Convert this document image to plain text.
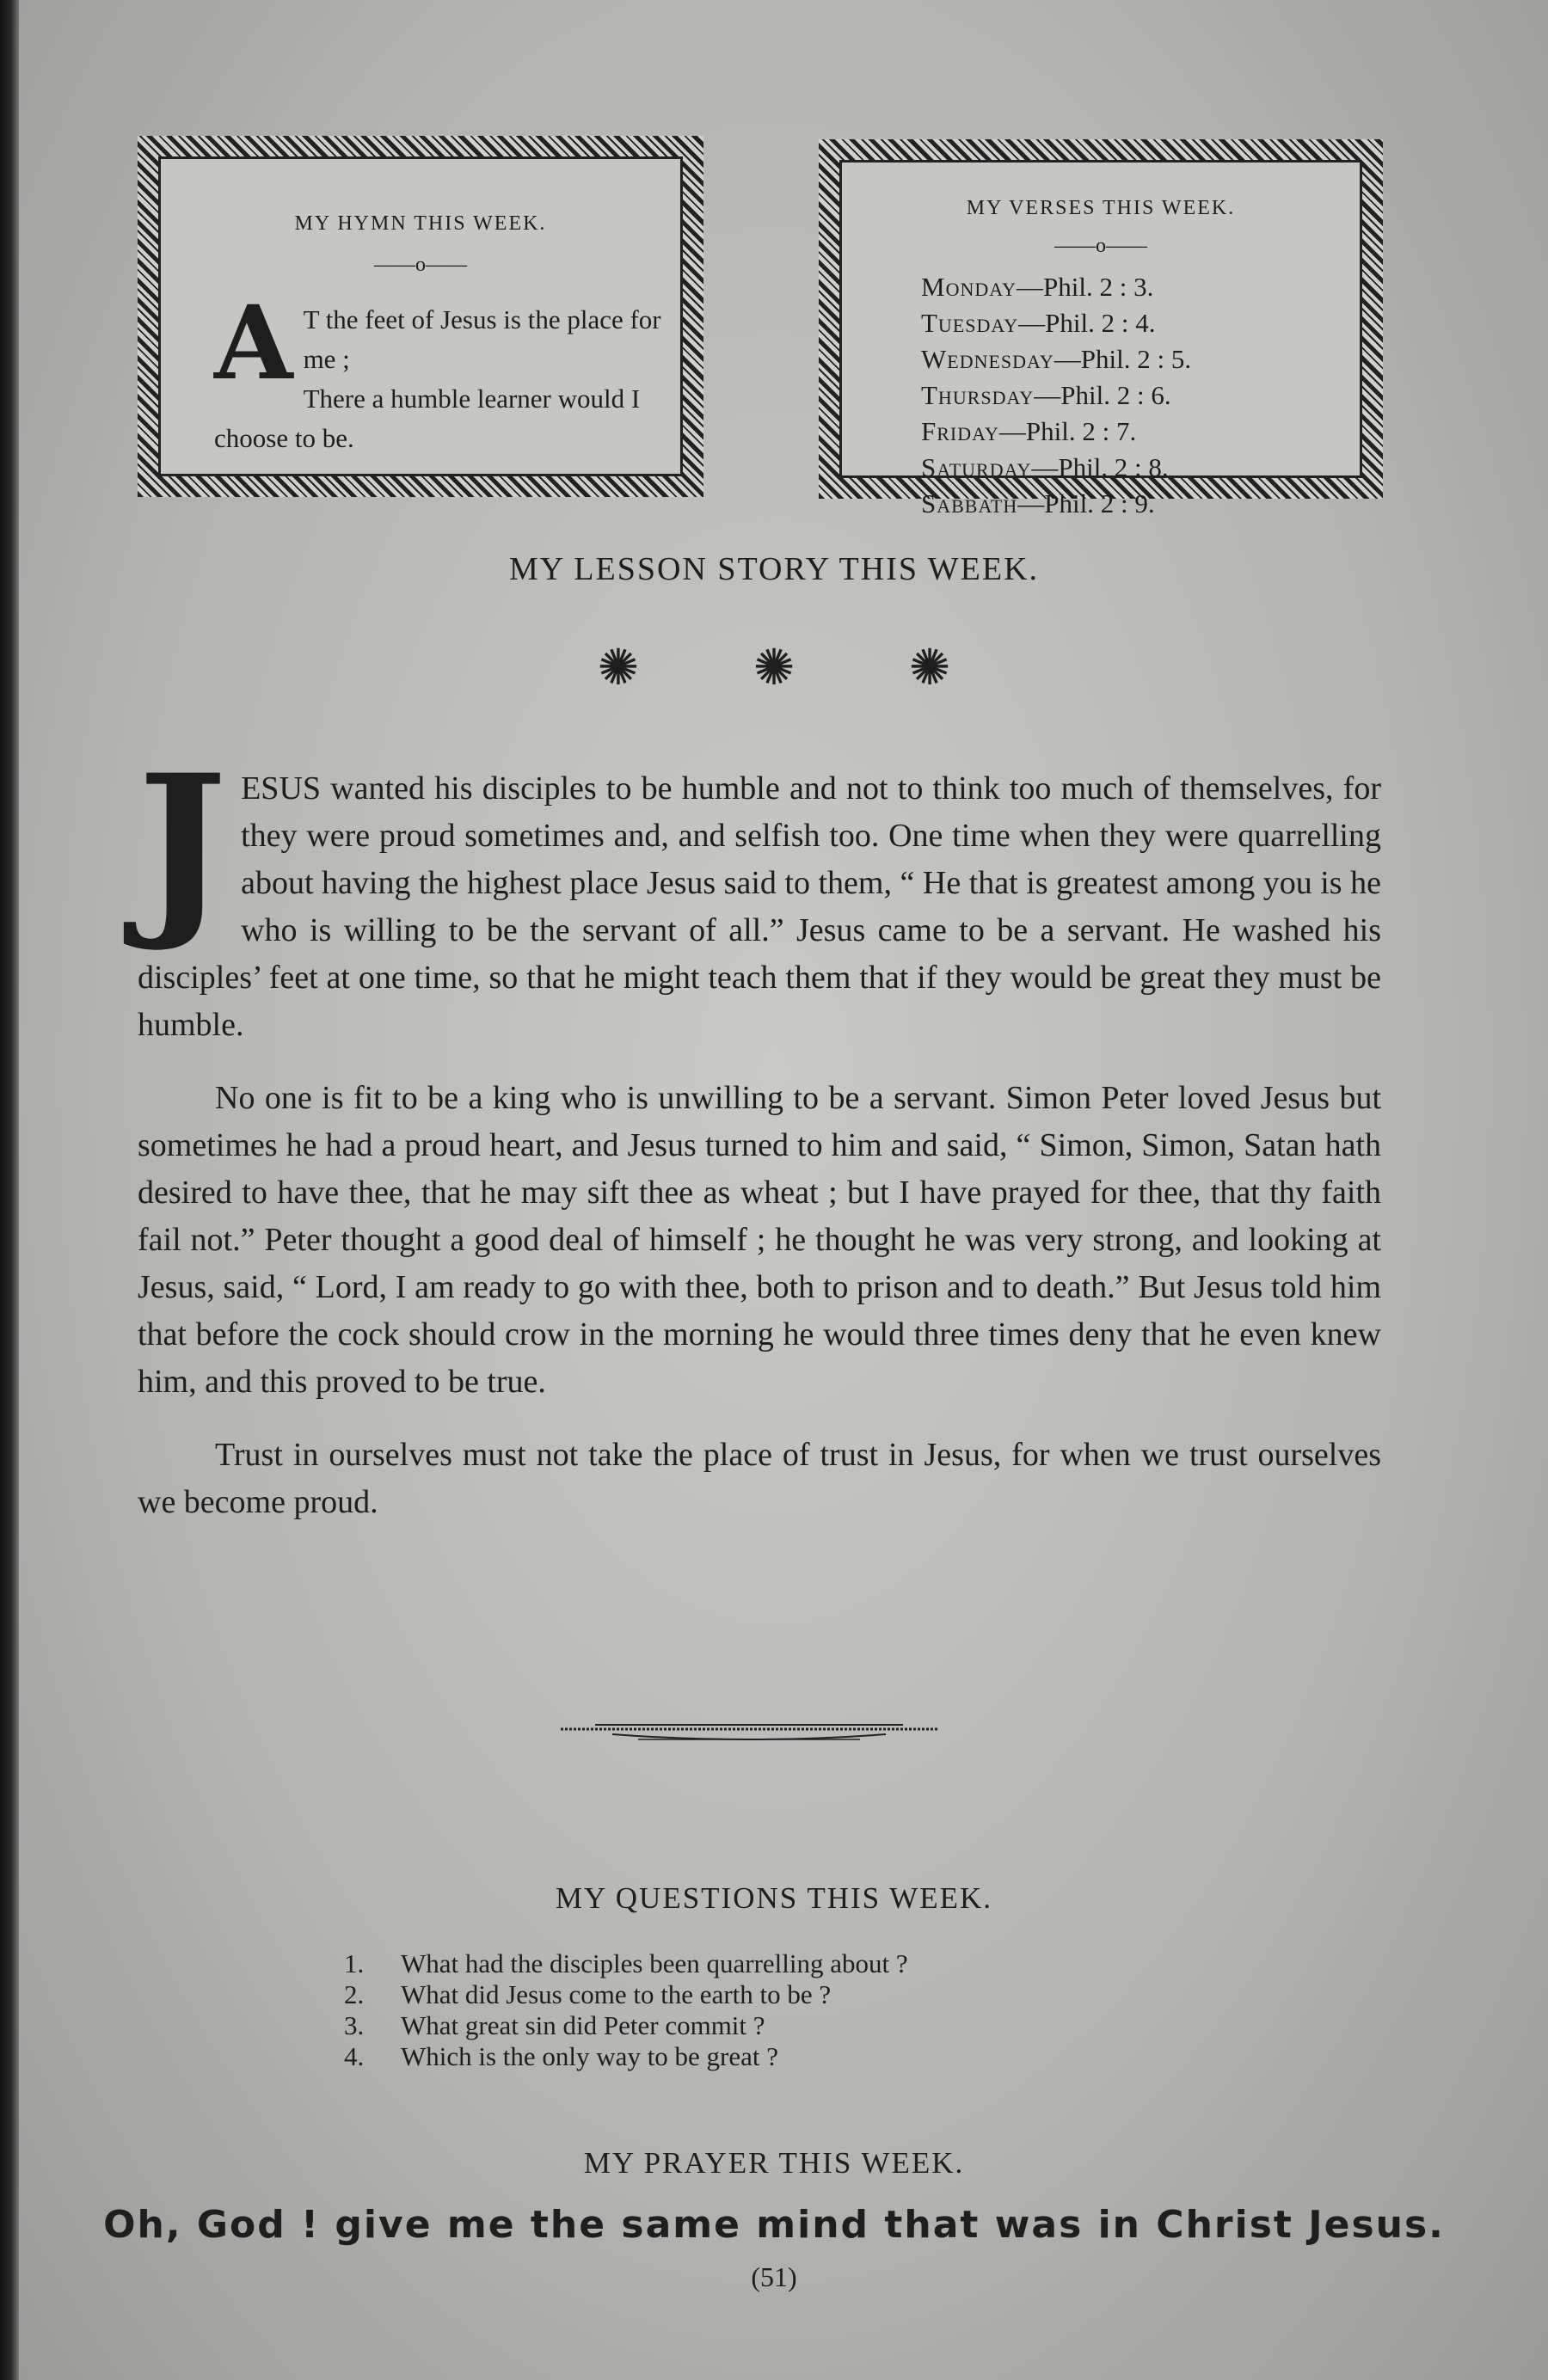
MY HYMN THIS WEEK.
——o——
A T the feet of Jesus is the place for me ;
There a humble learner would I choose to be.
MY VERSES THIS WEEK.
——o——
Monday—Phil. 2 : 3.
Tuesday—Phil. 2 : 4.
Wednesday—Phil. 2 : 5.
Thursday—Phil. 2 : 6.
Friday—Phil. 2 : 7.
Saturday—Phil. 2 : 8.
Sabbath—Phil. 2 : 9.
MY LESSON STORY THIS WEEK.
✺ ✺ ✺

J ESUS wanted his disciples to be humble and not to think too much of themselves, for they were proud sometimes and, and selfish too. One time when they were quarrelling about having the highest place Jesus said to them, “ He that is greatest among you is he who is willing to be the servant of all.” Jesus came to be a servant. He washed his disciples’ feet at one time, so that he might teach them that if they would be great they must be humble.

No one is fit to be a king who is unwilling to be a servant. Simon Peter loved Jesus but sometimes he had a proud heart, and Jesus turned to him and said, “ Simon, Simon, Satan hath desired to have thee, that he may sift thee as wheat ; but I have prayed for thee, that thy faith fail not.” Peter thought a good deal of himself ; he thought he was very strong, and looking at Jesus, said, “ Lord, I am ready to go with thee, both to prison and to death.” But Jesus told him that before the cock should crow in the morning he would three times deny that he even knew him, and this proved to be true.

Trust in ourselves must not take the place of trust in Jesus, for when we trust ourselves we become proud.

MY QUESTIONS THIS WEEK.
1.	What had the disciples been quarrelling about ?
2.	What did Jesus come to the earth to be ?
3.	What great sin did Peter commit ?
4.	Which is the only way to be great ?
MY PRAYER THIS WEEK.
Oh, God ! give me the same mind that was in Christ Jesus.
(51)
